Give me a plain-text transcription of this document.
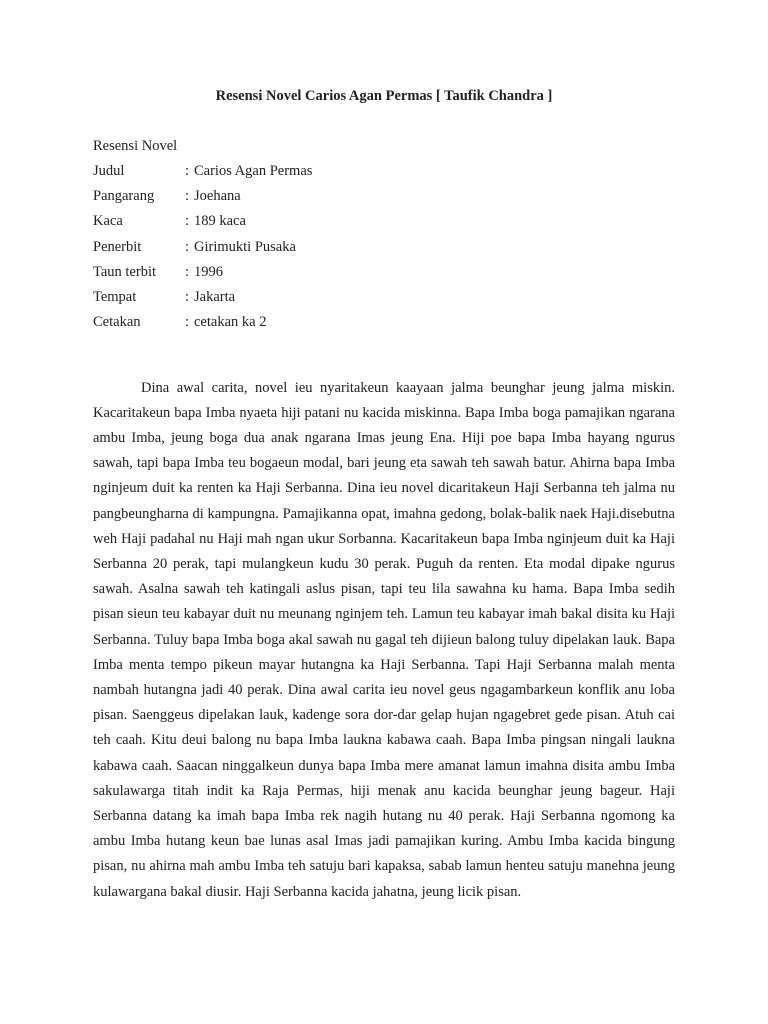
Resensi Novel Carios Agan Permas [ Taufik Chandra ]
Resensi Novel
Judul	: Carios Agan Permas
Pangarang	: Joehana
Kaca	: 189 kaca
Penerbit	: Girimukti Pusaka
Taun terbit	: 1996
Tempat	: Jakarta
Cetakan	: cetakan ka 2

Dina awal carita, novel ieu nyaritakeun kaayaan jalma beunghar jeung jalma miskin. Kacaritakeun bapa Imba nyaeta hiji patani nu kacida miskinna. Bapa Imba boga pamajikan ngarana ambu Imba, jeung boga dua anak ngarana Imas jeung Ena. Hiji poe bapa Imba hayang ngurus sawah, tapi bapa Imba teu bogaeun modal, bari jeung eta sawah teh sawah batur. Ahirna bapa Imba nginjeum duit ka renten ka Haji Serbanna. Dina ieu novel dicaritakeun Haji Serbanna teh jalma nu pangbeungharna di kampungna. Pamajikanna opat, imahna gedong, bolak-balik naek Haji.disebutna weh Haji padahal nu Haji mah ngan ukur Sorbanna. Kacaritakeun bapa Imba nginjeum duit ka Haji Serbanna 20 perak, tapi mulangkeun kudu 30 perak. Puguh da renten. Eta modal dipake ngurus sawah. Asalna sawah teh katingali aslus pisan, tapi teu lila sawahna ku hama. Bapa Imba sedih pisan sieun teu kabayar duit nu meunang nginjem teh. Lamun teu kabayar imah bakal disita ku Haji Serbanna. Tuluy bapa Imba boga akal sawah nu gagal teh dijieun balong tuluy dipelakan lauk. Bapa Imba menta tempo pikeun mayar hutangna ka Haji Serbanna. Tapi Haji Serbanna malah menta nambah hutangna jadi 40 perak. Dina awal carita ieu novel geus ngagambarkeun konflik anu loba pisan. Saenggeus dipelakan lauk, kadenge sora dor-dar gelap hujan ngagebret gede pisan. Atuh cai teh caah. Kitu deui balong nu bapa Imba laukna kabawa caah. Bapa Imba pingsan ningali laukna kabawa caah. Saacan ninggalkeun dunya bapa Imba mere amanat lamun imahna disita ambu Imba sakulawarga titah indit ka Raja Permas, hiji menak anu kacida beunghar jeung bageur. Haji Serbanna datang ka imah bapa Imba rek nagih hutang nu 40 perak. Haji Serbanna ngomong ka ambu Imba hutang keun bae lunas asal Imas jadi pamajikan kuring. Ambu Imba kacida bingung pisan, nu ahirna mah ambu Imba teh satuju bari kapaksa, sabab lamun henteu satuju manehna jeung kulawargana bakal diusir. Haji Serbanna kacida jahatna, jeung licik pisan.
